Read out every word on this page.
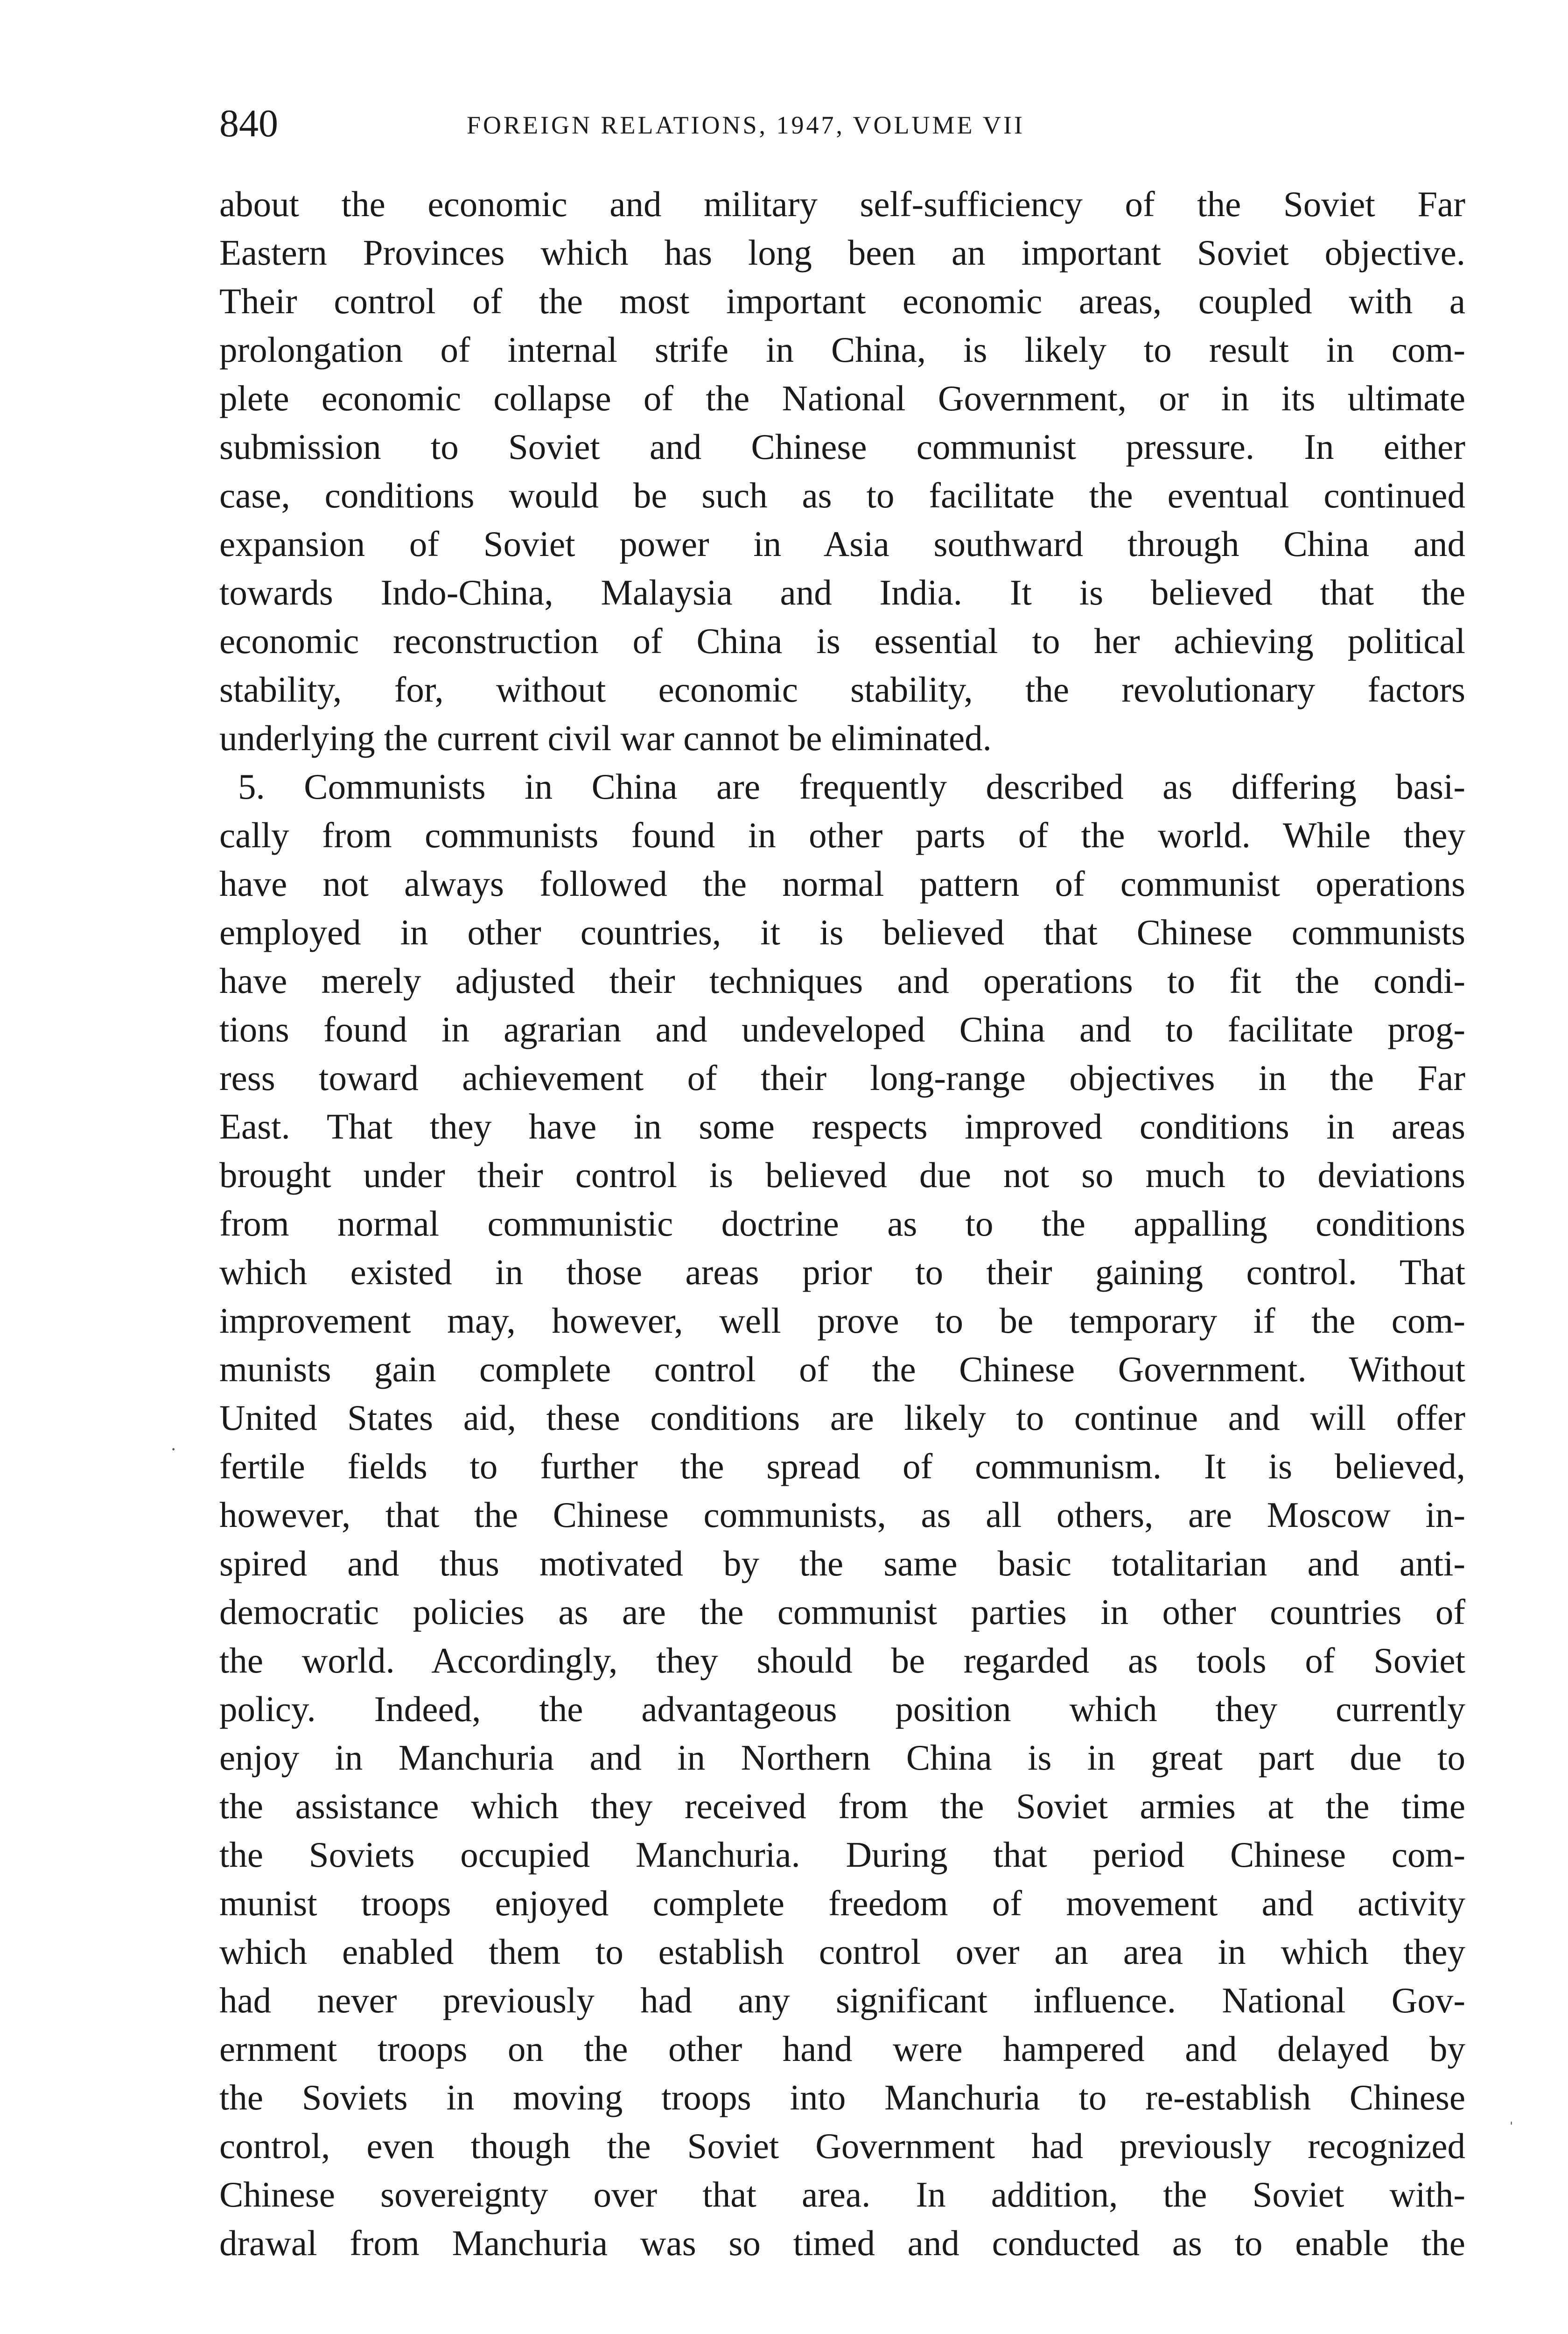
840	FOREIGN RELATIONS, 1947, VOLUME VII
about the economic and military self-sufficiency of the Soviet Far
Eastern Provinces which has long been an important Soviet objective.
Their control of the most important economic areas, coupled with a
prolongation of internal strife in China, is likely to result in com-
plete economic collapse of the National Government, or in its ultimate
submission to Soviet and Chinese communist pressure. In either
case, conditions would be such as to facilitate the eventual continued
expansion of Soviet power in Asia southward through China and
towards Indo-China, Malaysia and India. It is believed that the
economic reconstruction of China is essential to her achieving political
stability, for, without economic stability, the revolutionary factors
underlying the current civil war cannot be eliminated.
5. Communists in China are frequently described as differing basi-
cally from communists found in other parts of the world. While they
have not always followed the normal pattern of communist operations
employed in other countries, it is believed that Chinese communists
have merely adjusted their techniques and operations to fit the condi-
tions found in agrarian and undeveloped China and to facilitate prog-
ress toward achievement of their long-range objectives in the Far
East. That they have in some respects improved conditions in areas
brought under their control is believed due not so much to deviations
from normal communistic doctrine as to the appalling conditions
which existed in those areas prior to their gaining control. That
improvement may, however, well prove to be temporary if the com-
munists gain complete control of the Chinese Government. Without
United States aid, these conditions are likely to continue and will offer
fertile fields to further the spread of communism. It is believed,
however, that the Chinese communists, as all others, are Moscow in-
spired and thus motivated by the same basic totalitarian and anti-
democratic policies as are the communist parties in other countries of
the world. Accordingly, they should be regarded as tools of Soviet
policy. Indeed, the advantageous position which they currently
enjoy in Manchuria and in Northern China is in great part due to
the assistance which they received from the Soviet armies at the time
the Soviets occupied Manchuria. During that period Chinese com-
munist troops enjoyed complete freedom of movement and activity
which enabled them to establish control over an area in which they
had never previously had any significant influence. National Gov-
ernment troops on the other hand were hampered and delayed by
the Soviets in moving troops into Manchuria to re-establish Chinese
control, even though the Soviet Government had previously recognized
Chinese sovereignty over that area. In addition, the Soviet with-
drawal from Manchuria was so timed and conducted as to enable the
·
ˌ
